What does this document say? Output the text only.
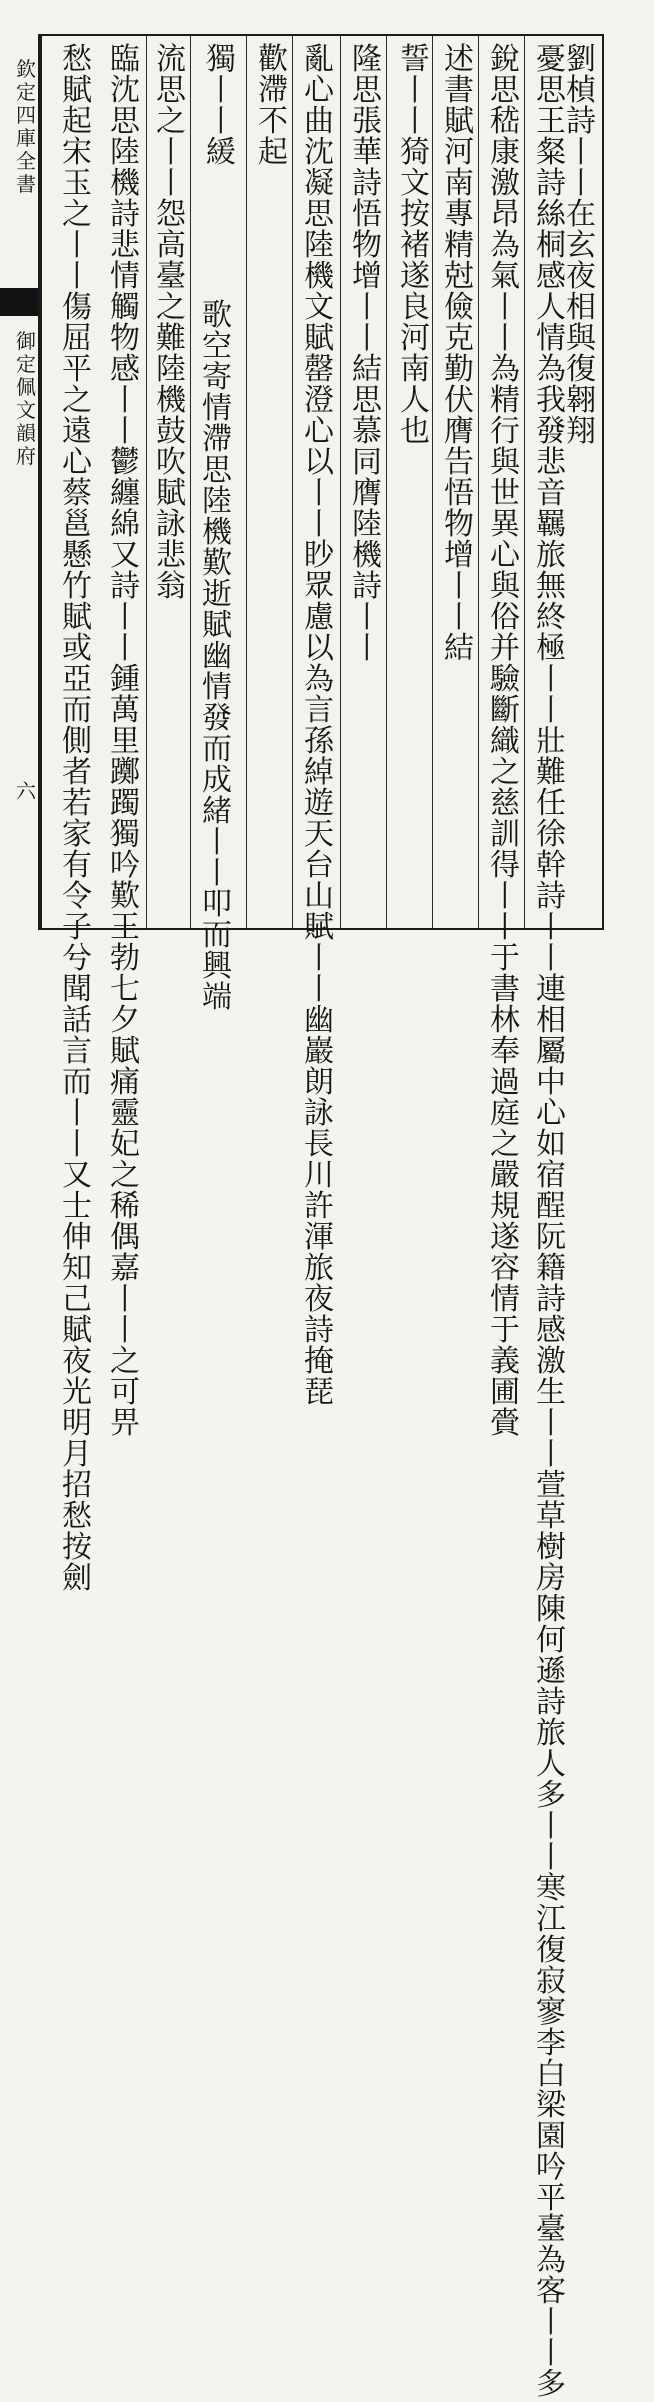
欽定四庫全書
御定佩文韻府
六
劉楨詩丨丨在玄夜相與復翱翔
憂思王粲詩絲桐感人情為我發悲音羈旅無終極丨丨壯難任徐幹詩丨丨連相屬中心如宿酲阮籍詩感激生丨丨萱草樹房陳何遜詩旅人多丨丨寒江復寂寥李白梁園吟平臺為客丨丨多
銳思嵇康激昂為氣丨丨為精行與世異心與俗并驗斷織之慈訓得丨丨于書林奉過庭之嚴規遂容情于義圃賫
述書賦河南專精尅儉克勤伏膺告悟物增丨丨結
誓丨丨猗文按褚遂良河南人也
隆思張華詩悟物增丨丨結思慕同膺陸機詩丨丨
亂心曲沈凝思陸機文賦罄澄心以丨丨眇眾慮以為言孫綽遊天台山賦丨丨幽巖朗詠長川許渾旅夜詩掩琵
歡滯不起
獨丨丨緩
歌空寄情滯思陸機歎逝賦幽情發而成緒丨丨叩而興端
流思之丨丨怨高臺之難陸機鼓吹賦詠悲翁
臨沈思陸機詩悲情觸物感丨丨鬱纏綿又詩丨丨鍾萬里躑躅獨吟歎王勃七夕賦痛靈妃之稀偶嘉丨丨之可畀
愁賦起宋玉之丨丨傷屈平之遠心蔡邕懸竹賦或亞而側者若家有令子兮聞話言而丨丨又士伸知己賦夜光明月招愁按劍
